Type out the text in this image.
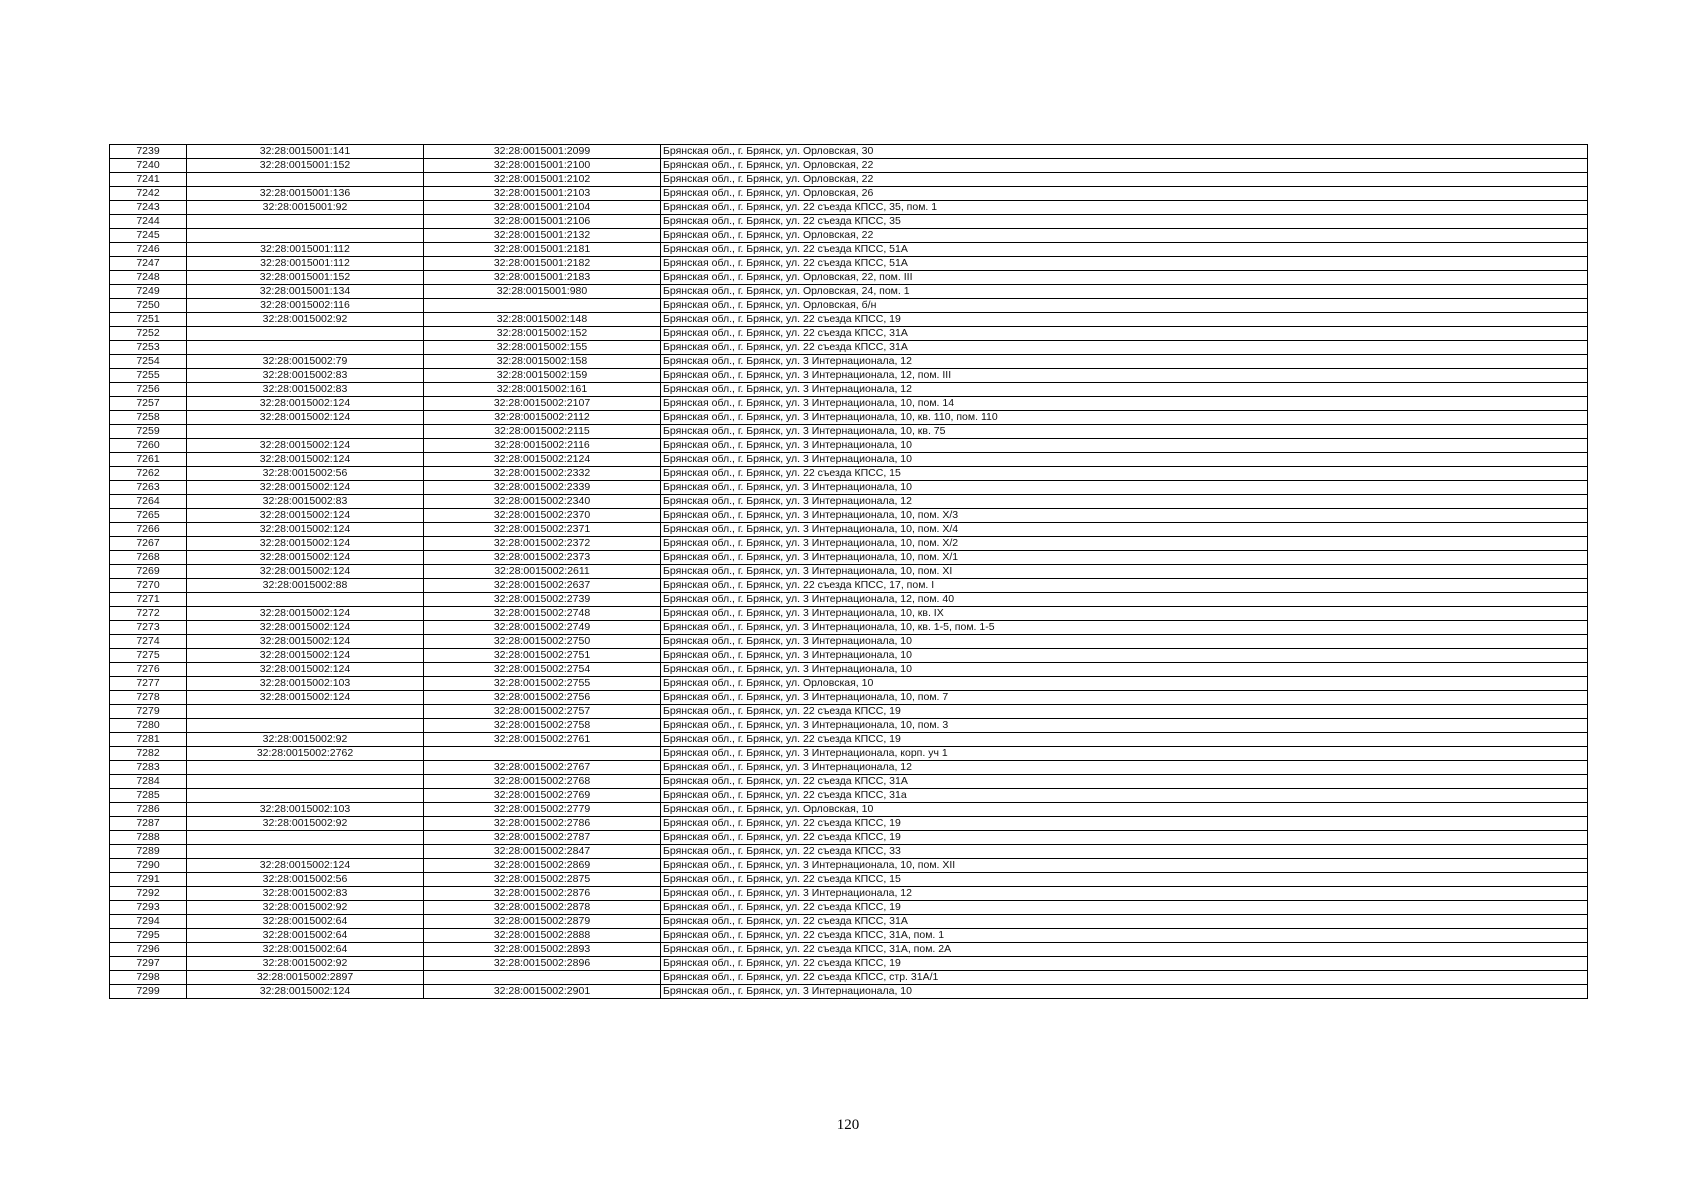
7239	32:28:0015001:141	32:28:0015001:2099	Брянская обл., г. Брянск, ул. Орловская, 30
7240	32:28:0015001:152	32:28:0015001:2100	Брянская обл., г. Брянск, ул. Орловская, 22
7241		32:28:0015001:2102	Брянская обл., г. Брянск, ул. Орловская, 22
7242	32:28:0015001:136	32:28:0015001:2103	Брянская обл., г. Брянск, ул. Орловская, 26
7243	32:28:0015001:92	32:28:0015001:2104	Брянская обл., г. Брянск, ул. 22 съезда КПСС, 35, пом. 1
7244		32:28:0015001:2106	Брянская обл., г. Брянск, ул. 22 съезда КПСС, 35
7245		32:28:0015001:2132	Брянская обл., г. Брянск, ул. Орловская, 22
7246	32:28:0015001:112	32:28:0015001:2181	Брянская обл., г. Брянск, ул. 22 съезда КПСС, 51А
7247	32:28:0015001:112	32:28:0015001:2182	Брянская обл., г. Брянск, ул. 22 съезда КПСС, 51А
7248	32:28:0015001:152	32:28:0015001:2183	Брянская обл., г. Брянск, ул. Орловская, 22, пом. III
7249	32:28:0015001:134	32:28:0015001:980	Брянская обл., г. Брянск, ул. Орловская, 24, пом. 1
7250	32:28:0015002:116		Брянская обл., г. Брянск, ул. Орловская, б/н
7251	32:28:0015002:92	32:28:0015002:148	Брянская обл., г. Брянск, ул. 22 съезда КПСС, 19
7252		32:28:0015002:152	Брянская обл., г. Брянск, ул. 22 съезда КПСС, 31А
7253		32:28:0015002:155	Брянская обл., г. Брянск, ул. 22 съезда КПСС, 31А
7254	32:28:0015002:79	32:28:0015002:158	Брянская обл., г. Брянск, ул. 3 Интернационала, 12
7255	32:28:0015002:83	32:28:0015002:159	Брянская обл., г. Брянск, ул. 3 Интернационала, 12, пом. III
7256	32:28:0015002:83	32:28:0015002:161	Брянская обл., г. Брянск, ул. 3 Интернационала, 12
7257	32:28:0015002:124	32:28:0015002:2107	Брянская обл., г. Брянск, ул. 3 Интернационала, 10, пом. 14
7258	32:28:0015002:124	32:28:0015002:2112	Брянская обл., г. Брянск, ул. 3 Интернационала, 10, кв. 110, пом. 110
7259		32:28:0015002:2115	Брянская обл., г. Брянск, ул. 3 Интернационала, 10, кв. 75
7260	32:28:0015002:124	32:28:0015002:2116	Брянская обл., г. Брянск, ул. 3 Интернационала, 10
7261	32:28:0015002:124	32:28:0015002:2124	Брянская обл., г. Брянск, ул. 3 Интернационала, 10
7262	32:28:0015002:56	32:28:0015002:2332	Брянская обл., г. Брянск, ул. 22 съезда КПСС, 15
7263	32:28:0015002:124	32:28:0015002:2339	Брянская обл., г. Брянск, ул. 3 Интернационала, 10
7264	32:28:0015002:83	32:28:0015002:2340	Брянская обл., г. Брянск, ул. 3 Интернационала, 12
7265	32:28:0015002:124	32:28:0015002:2370	Брянская обл., г. Брянск, ул. 3 Интернационала, 10, пом. Х/3
7266	32:28:0015002:124	32:28:0015002:2371	Брянская обл., г. Брянск, ул. 3 Интернационала, 10, пом. Х/4
7267	32:28:0015002:124	32:28:0015002:2372	Брянская обл., г. Брянск, ул. 3 Интернационала, 10, пом. Х/2
7268	32:28:0015002:124	32:28:0015002:2373	Брянская обл., г. Брянск, ул. 3 Интернационала, 10, пом. Х/1
7269	32:28:0015002:124	32:28:0015002:2611	Брянская обл., г. Брянск, ул. 3 Интернационала, 10, пом. XI
7270	32:28:0015002:88	32:28:0015002:2637	Брянская обл., г. Брянск, ул. 22 съезда КПСС, 17, пом. I
7271		32:28:0015002:2739	Брянская обл., г. Брянск, ул. 3 Интернационала, 12, пом. 40
7272	32:28:0015002:124	32:28:0015002:2748	Брянская обл., г. Брянск, ул. 3 Интернационала, 10, кв. IX
7273	32:28:0015002:124	32:28:0015002:2749	Брянская обл., г. Брянск, ул. 3 Интернационала, 10, кв. 1-5, пом. 1-5
7274	32:28:0015002:124	32:28:0015002:2750	Брянская обл., г. Брянск, ул. 3 Интернационала, 10
7275	32:28:0015002:124	32:28:0015002:2751	Брянская обл., г. Брянск, ул. 3 Интернационала, 10
7276	32:28:0015002:124	32:28:0015002:2754	Брянская обл., г. Брянск, ул. 3 Интернационала, 10
7277	32:28:0015002:103	32:28:0015002:2755	Брянская обл., г. Брянск, ул. Орловская, 10
7278	32:28:0015002:124	32:28:0015002:2756	Брянская обл., г. Брянск, ул. 3 Интернационала, 10, пом. 7
7279		32:28:0015002:2757	Брянская обл., г. Брянск, ул. 22 съезда КПСС, 19
7280		32:28:0015002:2758	Брянская обл., г. Брянск, ул. 3 Интернационала, 10, пом. 3
7281	32:28:0015002:92	32:28:0015002:2761	Брянская обл., г. Брянск, ул. 22 съезда КПСС, 19
7282	32:28:0015002:2762		Брянская обл., г. Брянск, ул. 3 Интернационала, корп. уч 1
7283		32:28:0015002:2767	Брянская обл., г. Брянск, ул. 3 Интернационала, 12
7284		32:28:0015002:2768	Брянская обл., г. Брянск, ул. 22 съезда КПСС, 31А
7285		32:28:0015002:2769	Брянская обл., г. Брянск, ул. 22 съезда КПСС, 31а
7286	32:28:0015002:103	32:28:0015002:2779	Брянская обл., г. Брянск, ул. Орловская, 10
7287	32:28:0015002:92	32:28:0015002:2786	Брянская обл., г. Брянск, ул. 22 съезда КПСС, 19
7288		32:28:0015002:2787	Брянская обл., г. Брянск, ул. 22 съезда КПСС, 19
7289		32:28:0015002:2847	Брянская обл., г. Брянск, ул. 22 съезда КПСС, 33
7290	32:28:0015002:124	32:28:0015002:2869	Брянская обл., г. Брянск, ул. 3 Интернационала, 10, пом. XII
7291	32:28:0015002:56	32:28:0015002:2875	Брянская обл., г. Брянск, ул. 22 съезда КПСС, 15
7292	32:28:0015002:83	32:28:0015002:2876	Брянская обл., г. Брянск, ул. 3 Интернационала, 12
7293	32:28:0015002:92	32:28:0015002:2878	Брянская обл., г. Брянск, ул. 22 съезда КПСС, 19
7294	32:28:0015002:64	32:28:0015002:2879	Брянская обл., г. Брянск, ул. 22 съезда КПСС, 31А
7295	32:28:0015002:64	32:28:0015002:2888	Брянская обл., г. Брянск, ул. 22 съезда КПСС, 31А, пом. 1
7296	32:28:0015002:64	32:28:0015002:2893	Брянская обл., г. Брянск, ул. 22 съезда КПСС, 31А, пом. 2А
7297	32:28:0015002:92	32:28:0015002:2896	Брянская обл., г. Брянск, ул. 22 съезда КПСС, 19
7298	32:28:0015002:2897		Брянская обл., г. Брянск, ул. 22 съезда КПСС, стр. 31А/1
7299	32:28:0015002:124	32:28:0015002:2901	Брянская обл., г. Брянск, ул. 3 Интернационала, 10
120
